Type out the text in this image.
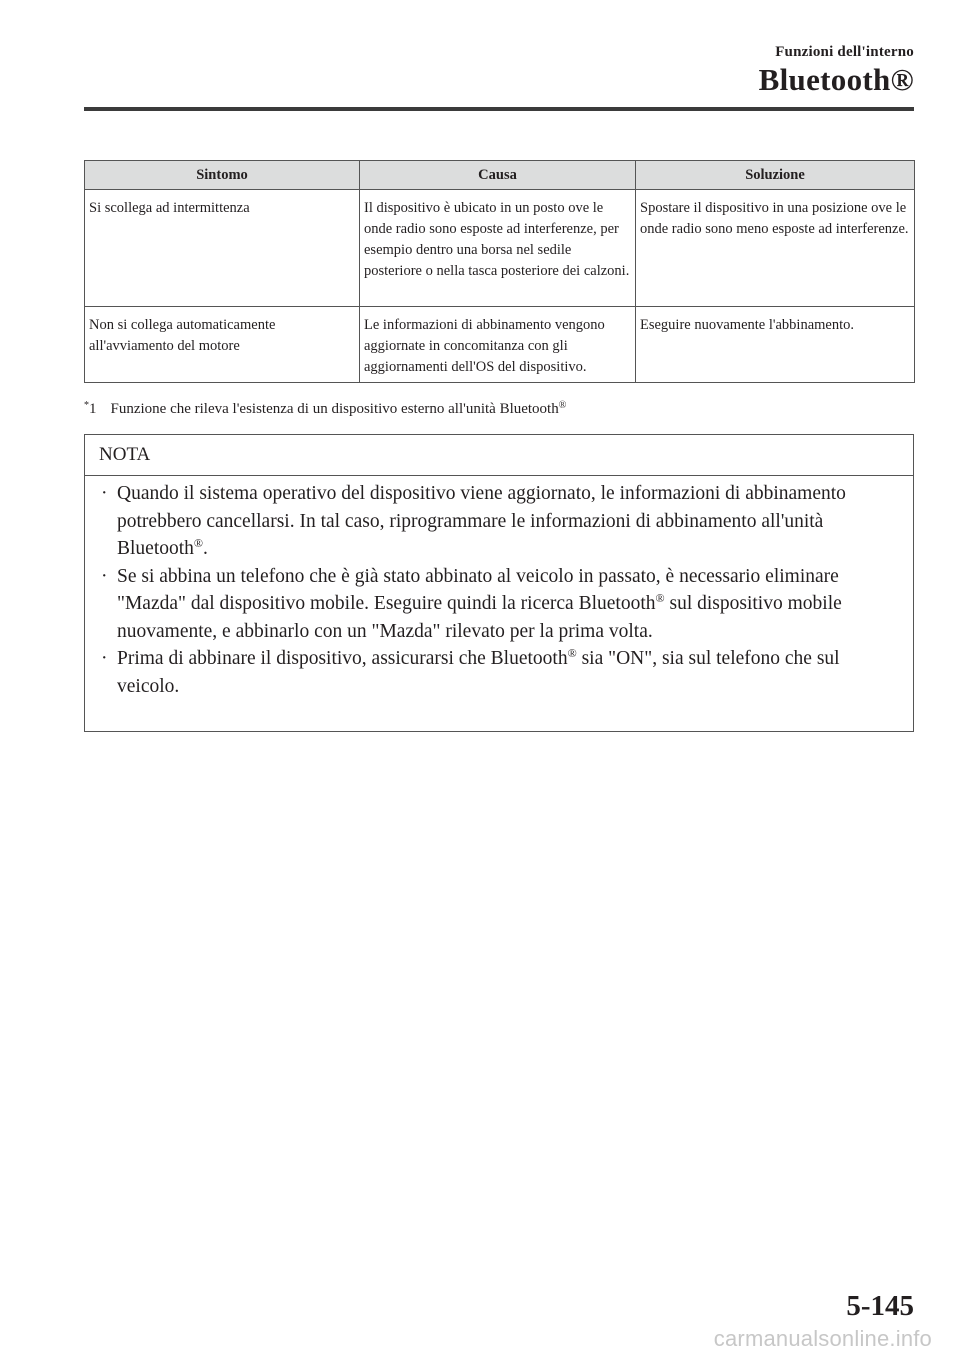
Funzioni dell'interno
Bluetooth®
Sintomo	Causa	Soluzione
Si scollega ad intermittenza	Il dispositivo è ubicato in un posto ove le onde radio sono esposte ad interferenze, per esempio dentro una borsa nel sedile posteriore o nella tasca posteriore dei calzoni.	Spostare il dispositivo in una posizione ove le onde radio sono meno esposte ad interferenze.
Non si collega automaticamente all'avviamento del motore	Le informazioni di abbinamento vengono aggiornate in concomitanza con gli aggiornamenti dell'OS del dispositivo.	Eseguire nuovamente l'abbinamento.
*1 Funzione che rileva l'esistenza di un dispositivo esterno all'unità Bluetooth®
NOTA
· Quando il sistema operativo del dispositivo viene aggiornato, le informazioni di abbinamento potrebbero cancellarsi. In tal caso, riprogrammare le informazioni di abbinamento all'unità Bluetooth®.
· Se si abbina un telefono che è già stato abbinato al veicolo in passato, è necessario eliminare "Mazda" dal dispositivo mobile. Eseguire quindi la ricerca Bluetooth® sul dispositivo mobile nuovamente, e abbinarlo con un "Mazda" rilevato per la prima volta.
· Prima di abbinare il dispositivo, assicurarsi che Bluetooth® sia "ON", sia sul telefono che sul veicolo.
5-145
carmanualsonline.info
